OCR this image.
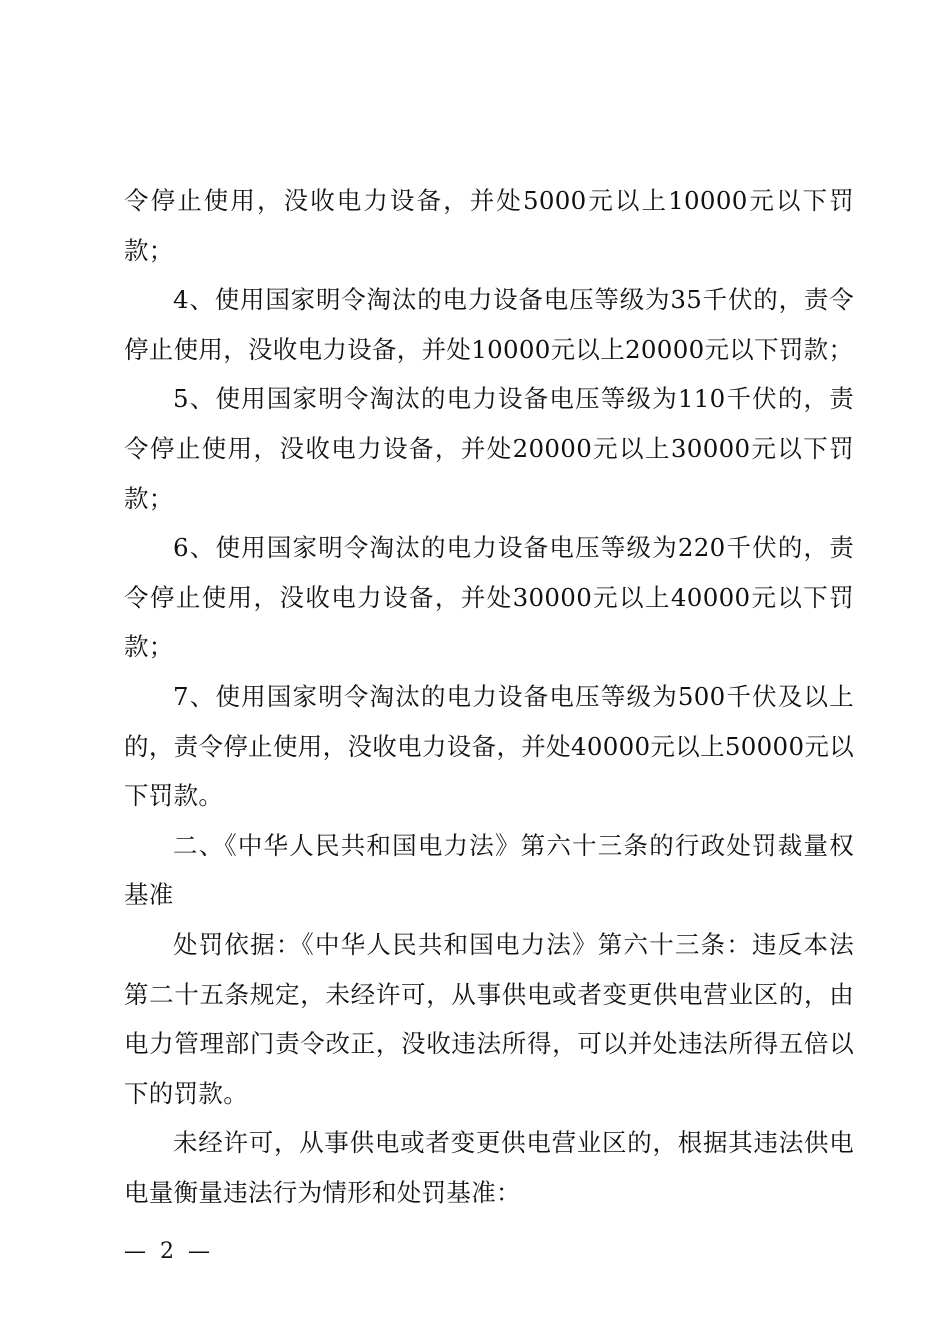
令停止使用，没收电力设备，并处5000元以上10000元以下罚款；

4、使用国家明令淘汰的电力设备电压等级为35千伏的，责令停止使用，没收电力设备，并处10000元以上20000元以下罚款；

5、使用国家明令淘汰的电力设备电压等级为110千伏的，责令停止使用，没收电力设备，并处20000元以上30000元以下罚款；

6、使用国家明令淘汰的电力设备电压等级为220千伏的，责令停止使用，没收电力设备，并处30000元以上40000元以下罚款；

7、使用国家明令淘汰的电力设备电压等级为500千伏及以上的，责令停止使用，没收电力设备，并处40000元以上50000元以下罚款。

二、《中华人民共和国电力法》第六十三条的行政处罚裁量权基准

处罚依据：《中华人民共和国电力法》第六十三条：违反本法第二十五条规定，未经许可，从事供电或者变更供电营业区的，由电力管理部门责令改正，没收违法所得，可以并处违法所得五倍以下的罚款。

未经许可，从事供电或者变更供电营业区的，根据其违法供电电量衡量违法行为情形和处罚基准：

—  2  —
